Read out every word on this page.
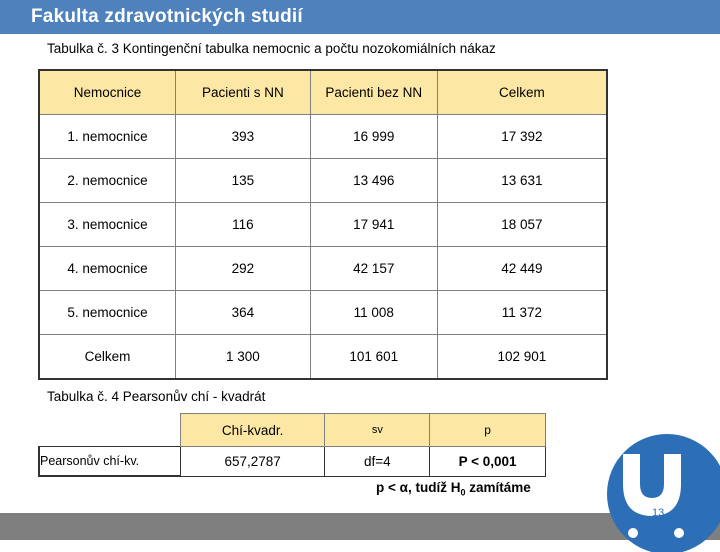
Fakulta zdravotnických studií
Tabulka č. 3 Kontingenční tabulka nemocnic a počtu nozokomiálních nákaz
Nemocnice	Pacienti s NN	Pacienti bez NN	Celkem
1. nemocnice	393	16 999	17 392
2. nemocnice	135	13 496	13 631
3. nemocnice	116	17 941	18 057
4. nemocnice	292	42 157	42 449
5. nemocnice	364	11 008	11 372
Celkem	1 300	101 601	102 901
Tabulka č. 4 Pearsonův chí - kvadrát
	Chí-kvadr.	sv	p
Pearsonův chí-kv.	657,2787	df=4	P < 0,001
p < α, tudíž $H_0$ zamítáme
13
